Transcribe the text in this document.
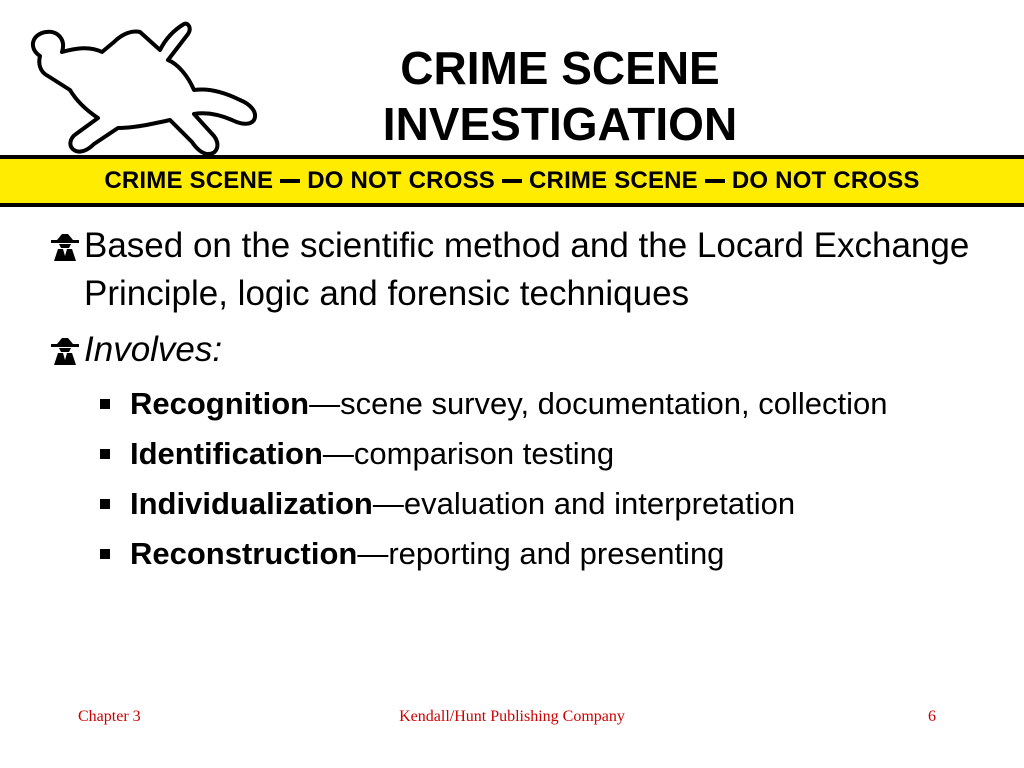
CRIME SCENE
INVESTIGATION
CRIME SCENE DO NOT CROSS CRIME SCENE DO NOT CROSS
Based on the scientific method and the Locard Exchange Principle, logic and forensic techniques
Involves:
Recognition—scene survey, documentation, collection
Identification—comparison testing
Individualization—evaluation and interpretation
Reconstruction—reporting and presenting
Chapter 3	Kendall/Hunt Publishing Company	6
